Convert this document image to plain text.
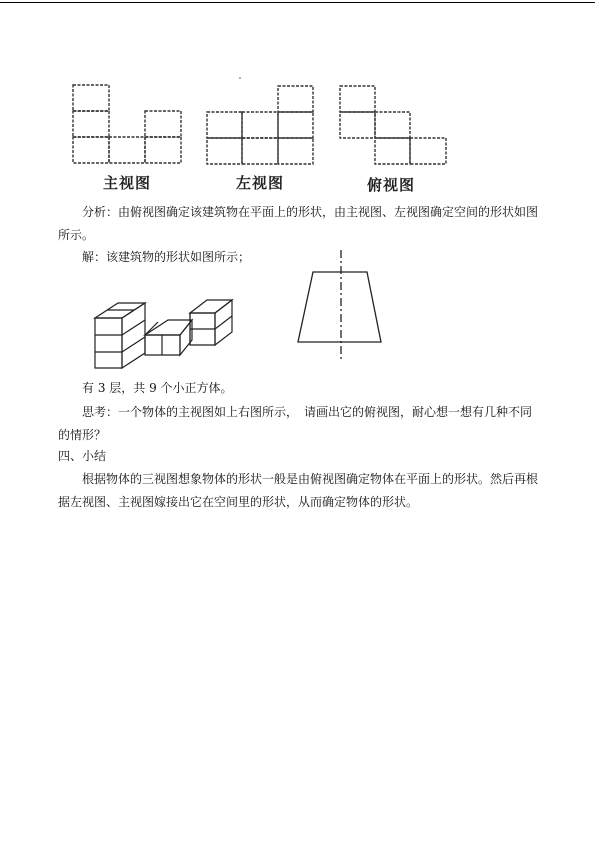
主视图	左视图	俯视图
分析：由俯视图确定该建筑物在平面上的形状，由主视图、左视图确定空间的形状如图所示。
解：该建筑物的形状如图所示；
有 3 层，共 9 个小正方体。
思考：一个物体的主视图如上右图所示，　请画出它的俯视图，耐心想一想有几种不同的情形？
四、小结
根据物体的三视图想象物体的形状一般是由俯视图确定物体在平面上的形状。然后再根据左视图、主视图嫁接出它在空间里的形状，从而确定物体的形状。
